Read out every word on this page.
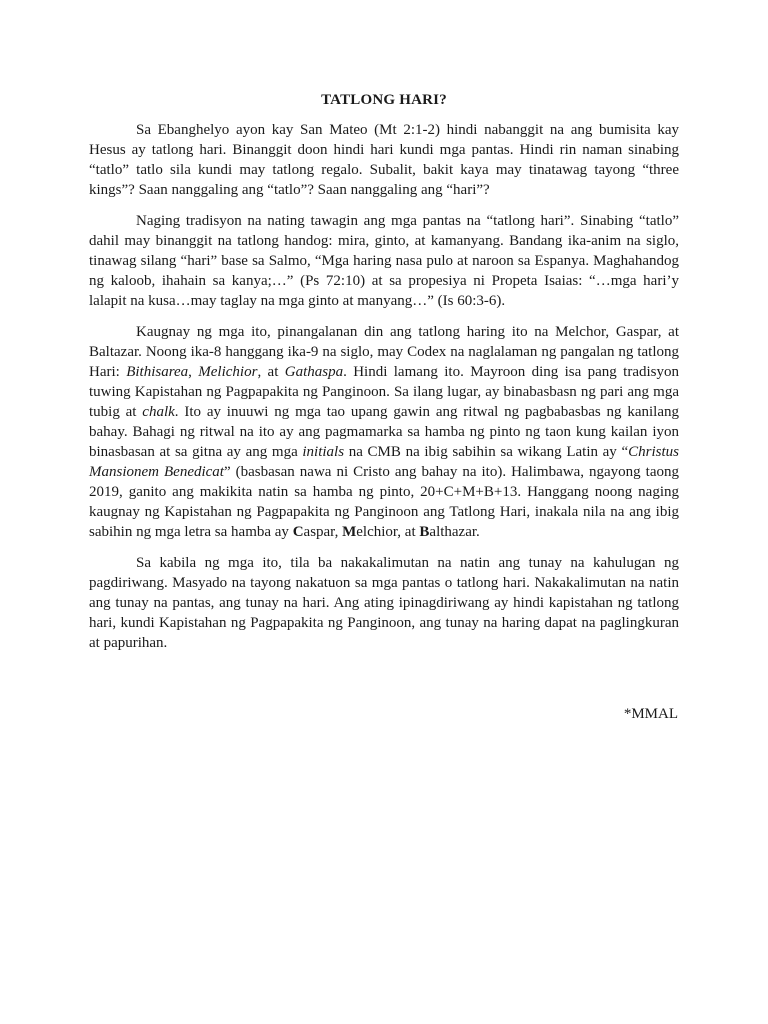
TATLONG HARI?

Sa Ebanghelyo ayon kay San Mateo (Mt 2:1-2) hindi nabanggit na ang bumisita kay Hesus ay tatlong hari. Binanggit doon hindi hari kundi mga pantas. Hindi rin naman sinabing “tatlo” tatlo sila kundi may tatlong regalo. Subalit, bakit kaya may tinatawag tayong “three kings”? Saan nanggaling ang “tatlo”? Saan nanggaling ang “hari”?

Naging tradisyon na nating tawagin ang mga pantas na “tatlong hari”. Sinabing “tatlo” dahil may binanggit na tatlong handog: mira, ginto, at kamanyang. Bandang ika-anim na siglo, tinawag silang “hari” base sa Salmo, “Mga haring nasa pulo at naroon sa Espanya. Maghahandog ng kaloob, ihahain sa kanya;…” (Ps 72:10) at sa propesiya ni Propeta Isaias: “…mga hari’y lalapit na kusa…may taglay na mga ginto at manyang…” (Is 60:3-6).

Kaugnay ng mga ito, pinangalanan din ang tatlong haring ito na Melchor, Gaspar, at Baltazar. Noong ika-8 hanggang ika-9 na siglo, may Codex na naglalaman ng pangalan ng tatlong Hari: Bithisarea, Melichior, at Gathaspa. Hindi lamang ito. Mayroon ding isa pang tradisyon tuwing Kapistahan ng Pagpapakita ng Panginoon. Sa ilang lugar, ay binabasbasn ng pari ang mga tubig at chalk. Ito ay inuuwi ng mga tao upang gawin ang ritwal ng pagbabasbas ng kanilang bahay. Bahagi ng ritwal na ito ay ang pagmamarka sa hamba ng pinto ng taon kung kailan iyon binasbasan at sa gitna ay ang mga initials na CMB na ibig sabihin sa wikang Latin ay “Christus Mansionem Benedicat” (basbasan nawa ni Cristo ang bahay na ito). Halimbawa, ngayong taong 2019, ganito ang makikita natin sa hamba ng pinto, 20+C+M+B+13. Hanggang noong naging kaugnay ng Kapistahan ng Pagpapakita ng Panginoon ang Tatlong Hari, inakala nila na ang ibig sabihin ng mga letra sa hamba ay Caspar, Melchior, at Balthazar.

Sa kabila ng mga ito, tila ba nakakalimutan na natin ang tunay na kahulugan ng pagdiriwang. Masyado na tayong nakatuon sa mga pantas o tatlong hari. Nakakalimutan na natin ang tunay na pantas, ang tunay na hari. Ang ating ipinagdiriwang ay hindi kapistahan ng tatlong hari, kundi Kapistahan ng Pagpapakita ng Panginoon, ang tunay na haring dapat na paglingkuran at papurihan.

*MMAL
